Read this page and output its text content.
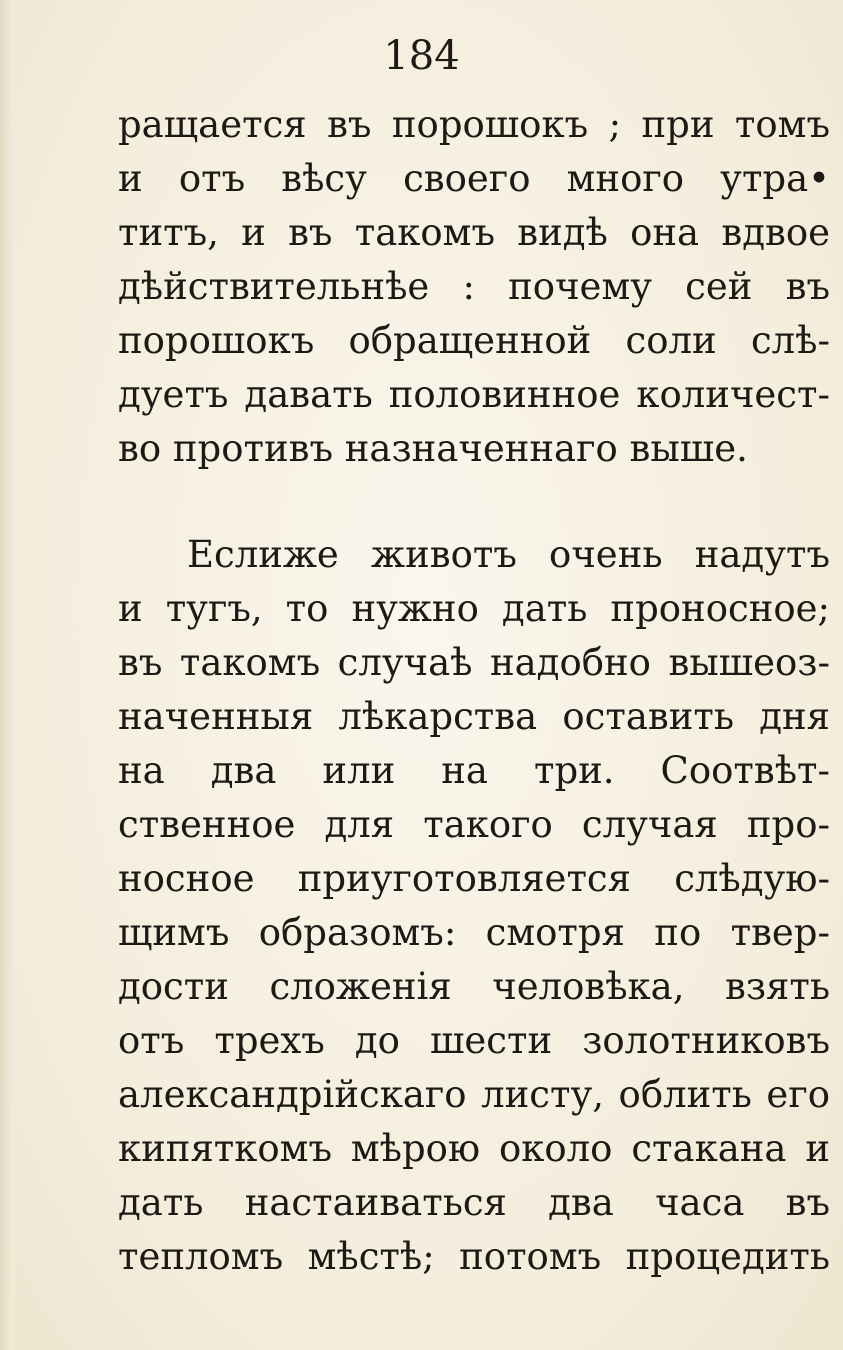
184
ращается въ порошокъ ; при томъ
и отъ вѣсу своего много утра•
титъ, и въ такомъ видѣ она вдвое
дѣйствительнѣе : почему сей въ
порошокъ обращенной соли слѣ-
дуетъ давать половинное количест-
во противъ назначеннаго выше.
Еслиже животъ очень надутъ
и тугъ, то нужно дать проносное;
въ такомъ случаѣ надобно вышеоз-
наченныя лѣкарства оставить дня
на два или на три. Соотвѣт-
ственное для такого случая про-
носное приуготовляется слѣдую-
щимъ образомъ: смотря по твер-
дости сложенія человѣка, взять
отъ трехъ до шести золотниковъ
александрійскаго листу, облить его
кипяткомъ мѣрою около стакана и
дать настаиваться два часа въ
тепломъ мѣстѣ; потомъ процедить
